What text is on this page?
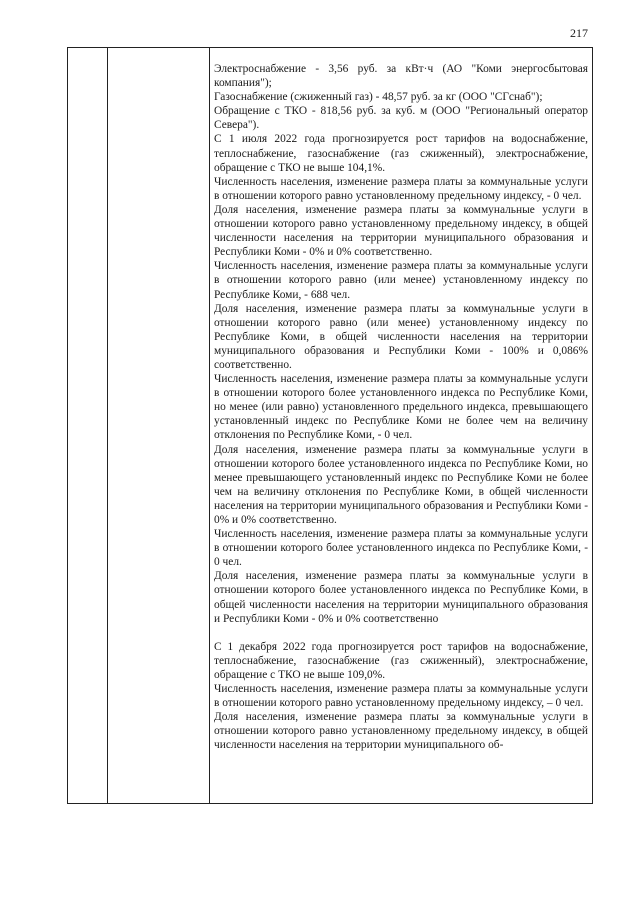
217

Электроснабжение - 3,56 руб. за кВт·ч (АО "Коми энергосбытовая компания");

Газоснабжение (сжиженный газ) - 48,57 руб. за кг (ООО "СГснаб");

Обращение с ТКО - 818,56 руб. за куб. м (ООО "Региональный оператор Севера").

С 1 июля 2022 года прогнозируется рост тарифов на водоснабжение, теплоснабжение, газоснабжение (газ сжиженный), электроснабжение, обращение с ТКО не выше 104,1%.

Численность населения, изменение размера платы за коммунальные услуги в отношении которого равно установленному предельному индексу, - 0 чел.

Доля населения, изменение размера платы за коммунальные услуги в отношении которого равно установленному предельному индексу, в общей численности населения на территории муниципального образования и Республики Коми - 0% и 0% соответственно.

Численность населения, изменение размера платы за коммунальные услуги в отношении которого равно (или менее) установленному индексу по Республике Коми, - 688 чел.

Доля населения, изменение размера платы за коммунальные услуги в отношении которого равно (или менее) установленному индексу по Республике Коми, в общей численности населения на территории муниципального образования и Республики Коми - 100% и 0,086% соответственно.

Численность населения, изменение размера платы за коммунальные услуги в отношении которого более установленного индекса по Республике Коми, но менее (или равно) установленного предельного индекса, превышающего установленный индекс по Республике Коми не более чем на величину отклонения по Республике Коми, - 0 чел.

Доля населения, изменение размера платы за коммунальные услуги в отношении которого более установленного индекса по Республике Коми, но менее превышающего установленный индекс по Республике Коми не более чем на величину отклонения по Республике Коми, в общей численности населения на территории муниципального образования и Республики Коми - 0% и 0% соответственно.

Численность населения, изменение размера платы за коммунальные услуги в отношении которого более установленного индекса по Республике Коми, - 0 чел.

Доля населения, изменение размера платы за коммунальные услуги в отношении которого более установленного индекса по Республике Коми, в общей численности населения на территории муниципального образования и Республики Коми - 0% и 0% соответственно

С 1 декабря 2022 года прогнозируется рост тарифов на водоснабжение, теплоснабжение, газоснабжение (газ сжиженный), электроснабжение, обращение с ТКО не выше 109,0%.

Численность населения, изменение размера платы за коммунальные услуги в отношении которого равно установленному предельному индексу, – 0 чел.

Доля населения, изменение размера платы за коммунальные услуги в отношении которого равно установленному предельному индексу, в общей численности населения на территории муниципального об-
